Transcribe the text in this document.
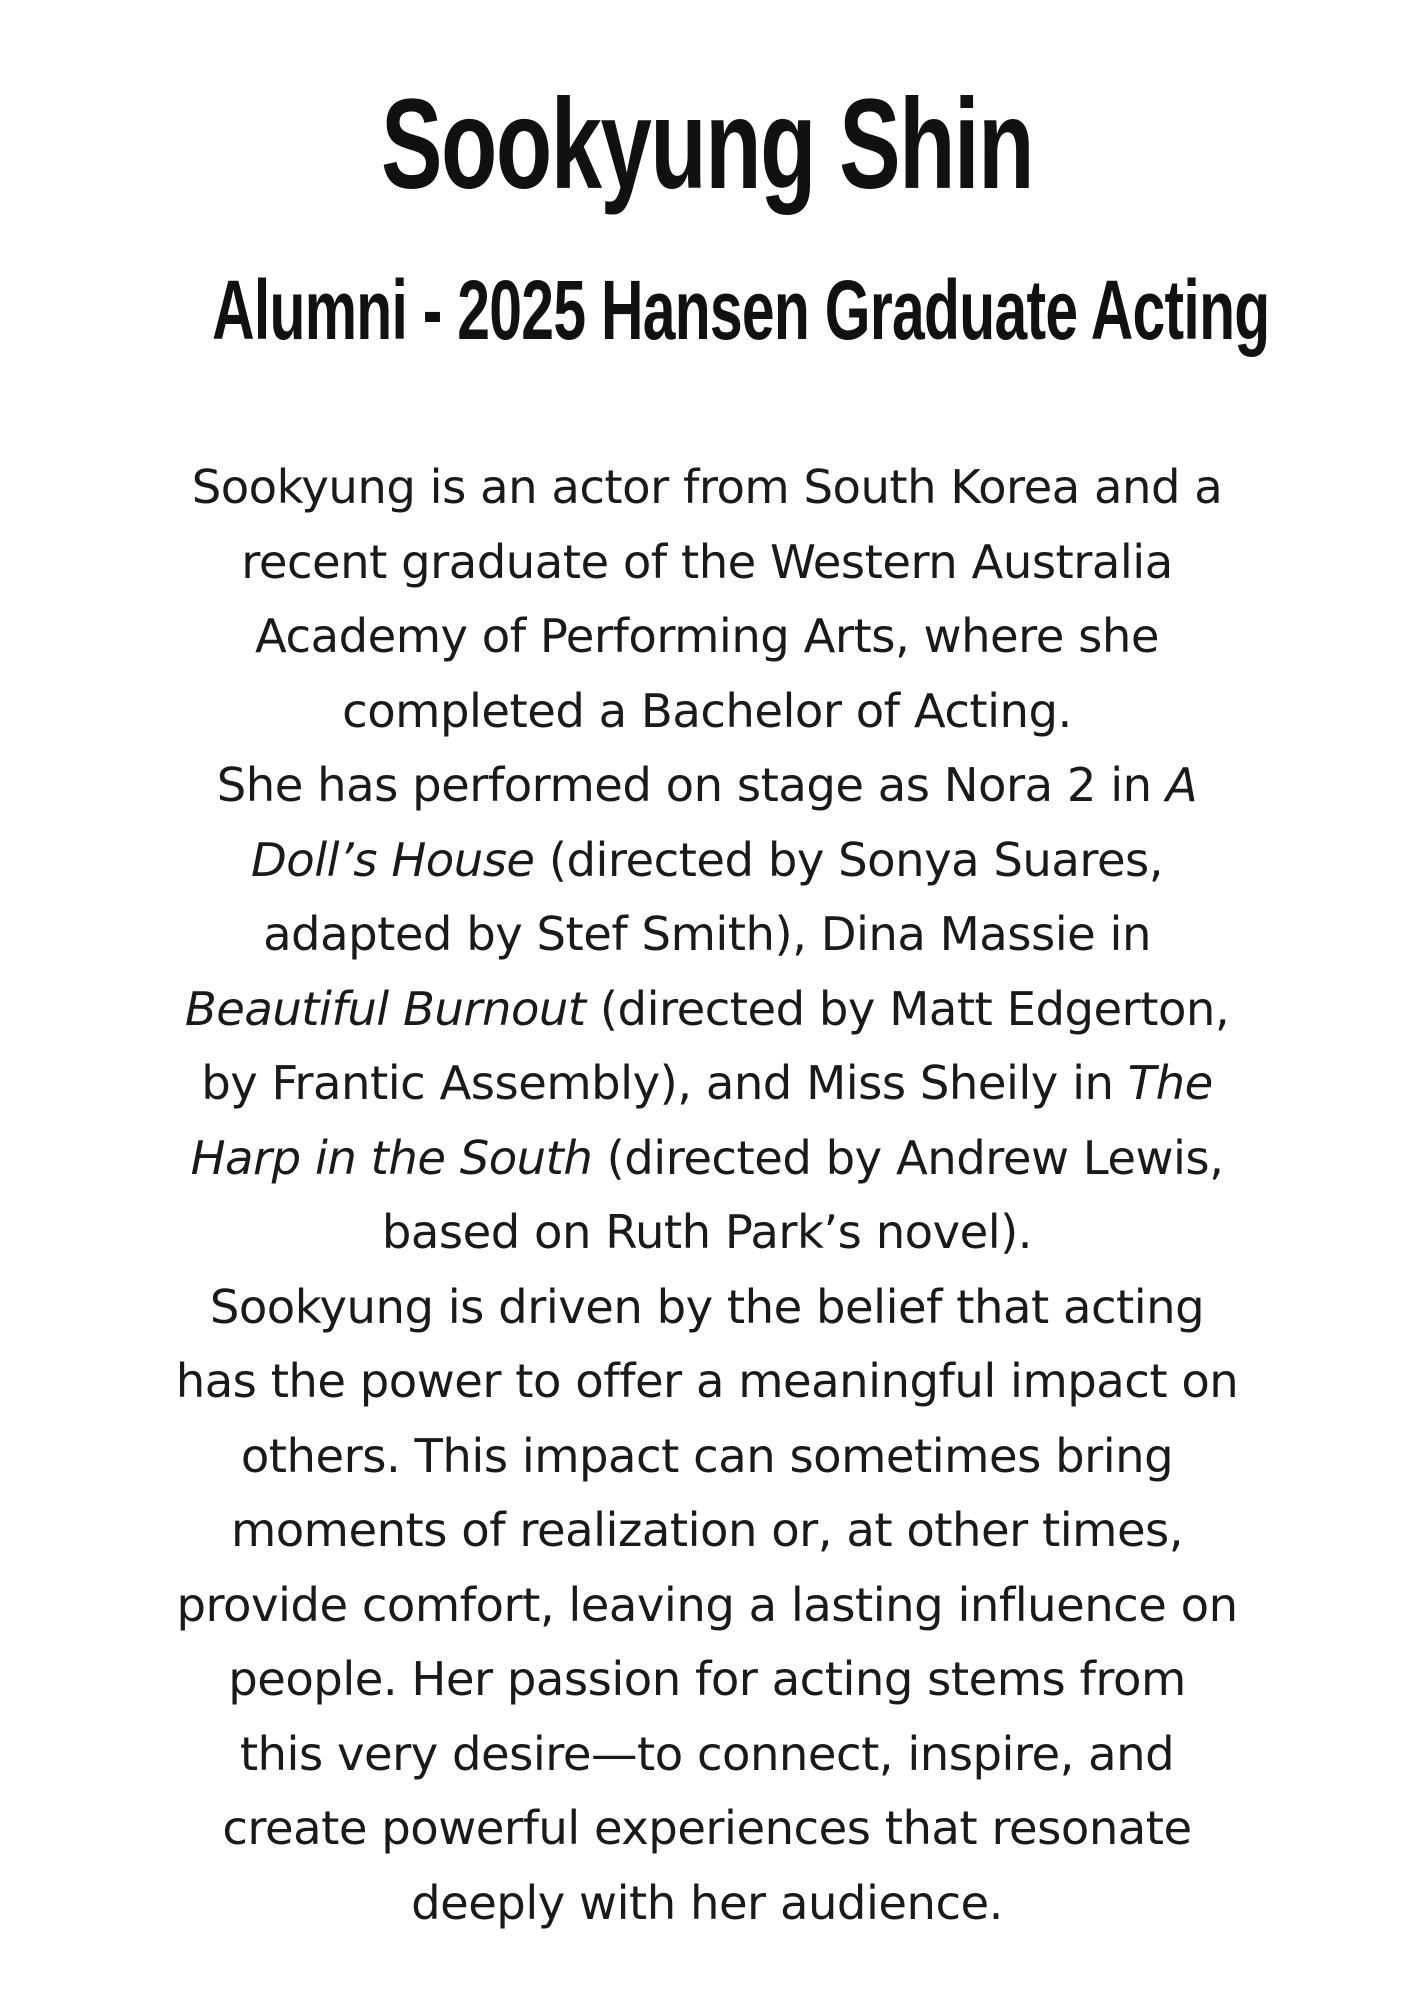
Sookyung Shin
Alumni - 2025 Hansen Graduate Acting
Sookyung is an actor from South Korea and a
recent graduate of the Western Australia
Academy of Performing Arts, where she
completed a Bachelor of Acting.
She has performed on stage as Nora 2 in A
Doll’s House (directed by Sonya Suares,
adapted by Stef Smith), Dina Massie in
Beautiful Burnout (directed by Matt Edgerton,
by Frantic Assembly), and Miss Sheily in The
Harp in the South (directed by Andrew Lewis,
based on Ruth Park’s novel).
Sookyung is driven by the belief that acting
has the power to offer a meaningful impact on
others. This impact can sometimes bring
moments of realization or, at other times,
provide comfort, leaving a lasting influence on
people. Her passion for acting stems from
this very desire—to connect, inspire, and
create powerful experiences that resonate
deeply with her audience.
